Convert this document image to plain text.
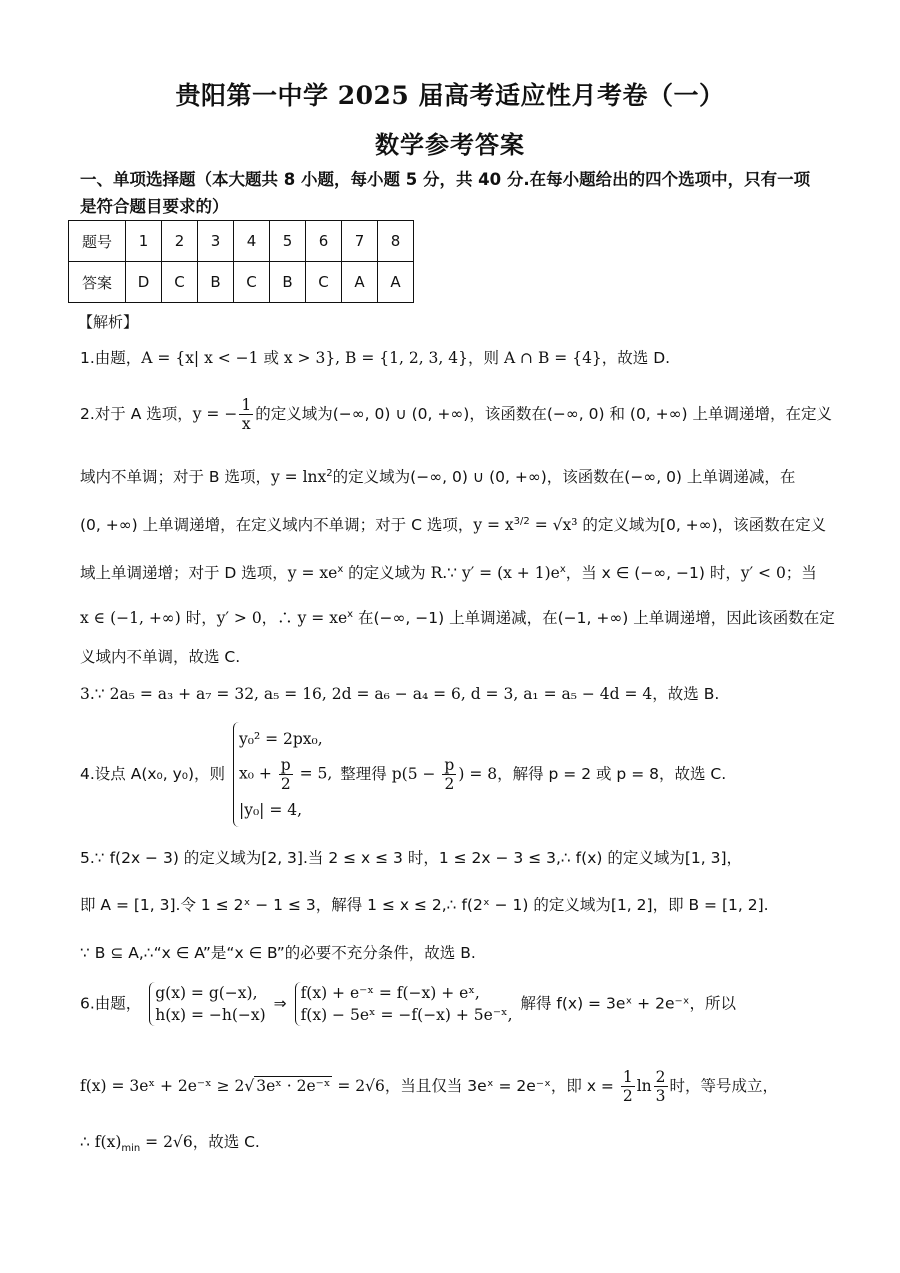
贵阳第一中学 2025 届高考适应性月考卷（一）
数学参考答案
一、单项选择题（本大题共 8 小题，每小题 5 分，共 40 分.在每小题给出的四个选项中，只有一项是符合题目要求的）
题号	1	2	3	4	5	6	7	8
答案	D	C	B	C	B	C	A	A
【解析】
1.由题，A = {x| x < −1 或 x > 3}, B = {1, 2, 3, 4}，则 A ∩ B = {4}，故选 D.
2.对于 A 选项，y = − $\frac{1}{x}$ 的定义域为(−∞, 0) ∪ (0, +∞)，该函数在(−∞, 0) 和 (0, +∞) 上单调递增，在定义
域内不单调；对于 B 选项，y = lnx$^2$的定义域为(−∞, 0) ∪ (0, +∞)，该函数在(−∞, 0) 上单调递减，在
(0, +∞) 上单调递增，在定义域内不单调；对于 C 选项，$y = x^{3/2} = √x^3$ 的定义域为[0, +∞)，该函数在定义
域上单调递增；对于 D 选项，$y = xe^x$ 的定义域为 R.∵ $y' = (x + 1)e^x$，当 x ∈ (−∞, −1) 时，y′ < 0；当
x ∈ (−1, +∞) 时，y′ > 0，∴ $y = xe^x$ 在(−∞, −1) 上单调递减，在(−1, +∞) 上单调递增，因此该函数在定
义域内不单调，故选 C.
3.∵ 2a₅ = a₃ + a₇ = 32, a₅ = 16, 2d = a₆ − a₄ = 6, d = 3, a₁ = a₅ − 4d = 4，故选 B.
4.设点 A(x₀, y₀)，则
y₀² = 2px₀,
$x_0 + \frac{p}{2} = 5$,
|y₀| = 4,
整理得 $p(5 - \frac{p}{2}$ ) = 8，解得 p = 2 或 p = 8，故选 C.
5.∵ f(2x − 3) 的定义域为[2, 3].当 2 ≤ x ≤ 3 时，1 ≤ 2x − 3 ≤ 3,∴ f(x) 的定义域为[1, 3]，
即 A = [1, 3].令 1 ≤ 2ˣ − 1 ≤ 3，解得 1 ≤ x ≤ 2,∴ f(2ˣ − 1) 的定义域为[1, 2]，即 B = [1, 2].
∵ B ⊆ A,∴“x ∈ A”是“x ∈ B”的必要不充分条件，故选 B.
6.由题，
g(x) = g(−x),
h(x) = −h(−x)
⇒
f(x) + e⁻ˣ = f(−x) + eˣ,
f(x) − 5eˣ = −f(−x) + 5e⁻ˣ,
解得 f(x) = 3eˣ + 2e⁻ˣ，所以
f(x) = 3eˣ + 2e⁻ˣ ≥ 2√ 3eˣ · 2e⁻ˣ = 2√6，当且仅当 3eˣ = 2e⁻ˣ，即 $x = \frac{1}{2}$ $\ln \frac{2}{3}$ 时，等号成立，
∴ $f(x)_{min} = 2√6$，故选 C.
